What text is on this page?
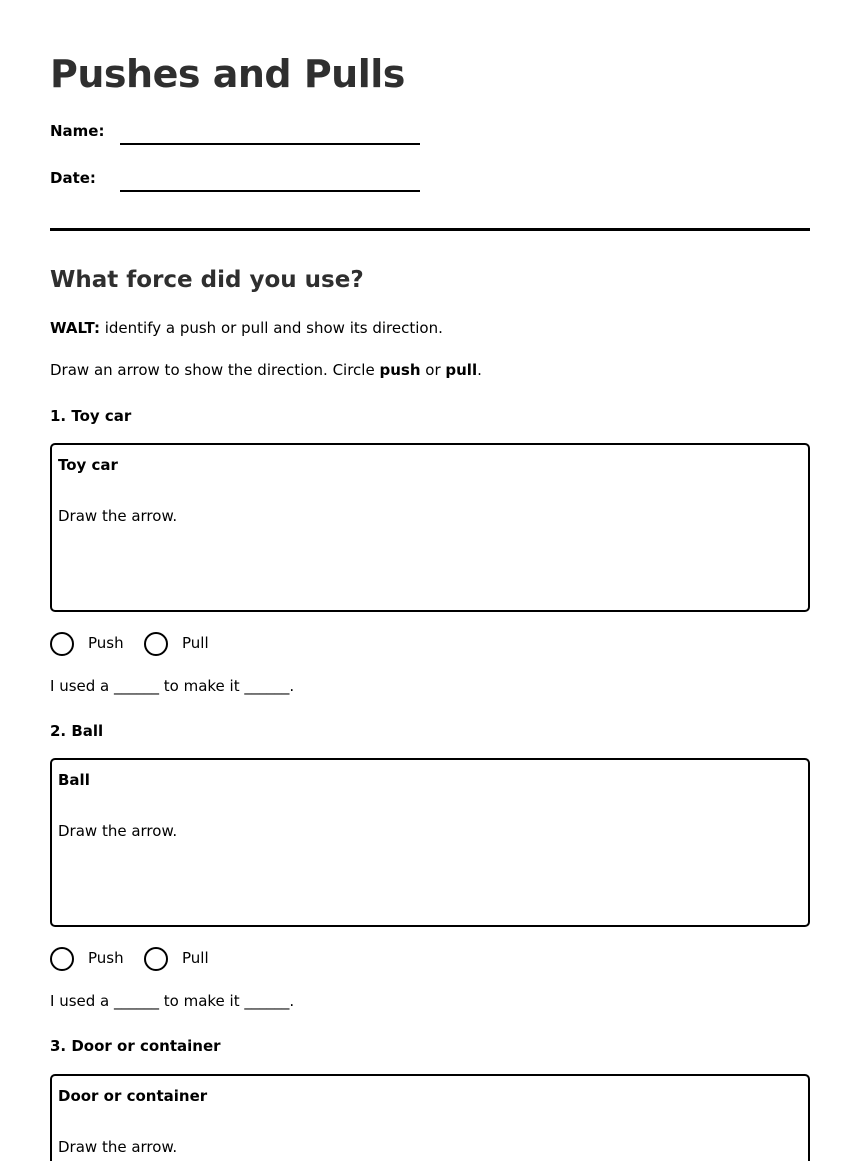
Pushes and Pulls
Name:
Date:
What force did you use?
WALT: identify a push or pull and show its direction.
Draw an arrow to show the direction. Circle push or pull.
1. Toy car
Toy car
Draw the arrow.
Push	Pull
I used a ______ to make it ______.
2. Ball
Ball
Draw the arrow.
Push	Pull
I used a ______ to make it ______.
3. Door or container
Door or container
Draw the arrow.
